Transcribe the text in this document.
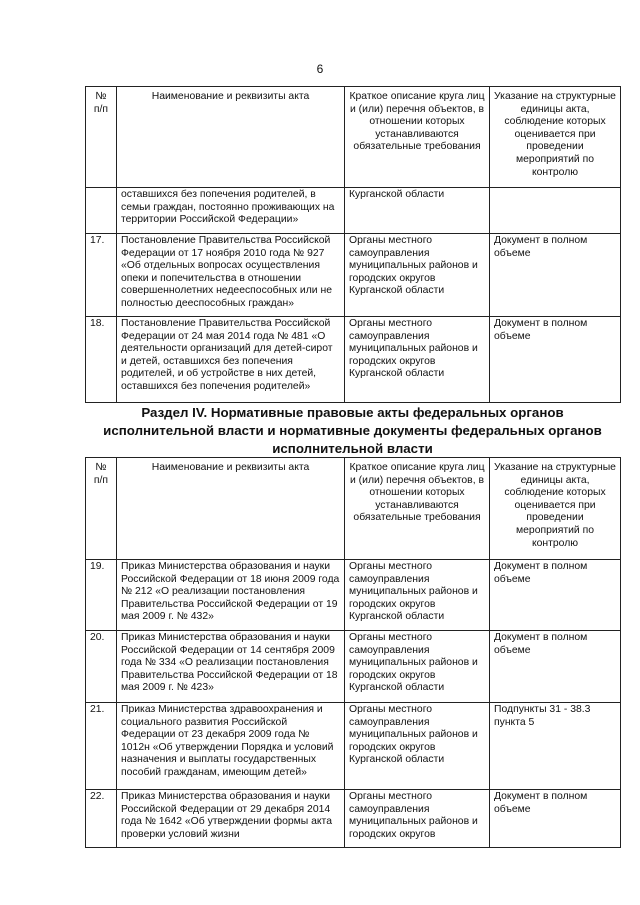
6
№ п/п	Наименование и реквизиты акта	Краткое описание круга лиц и (или) перечня объектов, в отношении которых устанавливаются обязательные требования	Указание на структурные единицы акта, соблюдение которых оценивается при проведении мероприятий по контролю
	оставшихся без попечения родителей, в семьи граждан, постоянно проживающих на территории Российской Федерации»	Курганской области	
17.	Постановление Правительства Российской Федерации от 17 ноября 2010 года № 927 «Об отдельных вопросах осуществления опеки и попечительства в отношении совершеннолетних недееспособных или не полностью дееспособных граждан»	Органы местного самоуправления муниципальных районов и городских округов Курганской области	Документ в полном объеме
18.	Постановление Правительства Российской Федерации от 24 мая 2014 года № 481 «О деятельности организаций для детей-сирот и детей, оставшихся без попечения родителей, и об устройстве в них детей, оставшихся без попечения родителей»	Органы местного самоуправления муниципальных районов и городских округов Курганской области	Документ в полном объеме
Раздел IV. Нормативные правовые акты федеральных органов исполнительной власти и нормативные документы федеральных органов исполнительной власти
№ п/п	Наименование и реквизиты акта	Краткое описание круга лиц и (или) перечня объектов, в отношении которых устанавливаются обязательные требования	Указание на структурные единицы акта, соблюдение которых оценивается при проведении мероприятий по контролю
19.	Приказ Министерства образования и науки Российской Федерации от 18 июня 2009 года № 212 «О реализации постановления Правительства Российской Федерации от 19 мая 2009 г. № 432»	Органы местного самоуправления муниципальных районов и городских округов Курганской области	Документ в полном объеме
20.	Приказ Министерства образования и науки Российской Федерации от 14 сентября 2009 года № 334 «О реализации постановления Правительства Российской Федерации от 18 мая 2009 г. № 423»	Органы местного самоуправления муниципальных районов и городских округов Курганской области	Документ в полном объеме
21.	Приказ Министерства здравоохранения и социального развития Российской Федерации от 23 декабря 2009 года № 1012н «Об утверждении Порядка и условий назначения и выплаты государственных пособий гражданам, имеющим детей»	Органы местного самоуправления муниципальных районов и городских округов Курганской области	Подпункты 31 - 38.3 пункта 5
22.	Приказ Министерства образования и науки Российской Федерации от 29 декабря 2014 года № 1642 «Об утверждении формы акта проверки условий жизни	Органы местного самоуправления муниципальных районов и городских округов	Документ в полном объеме
